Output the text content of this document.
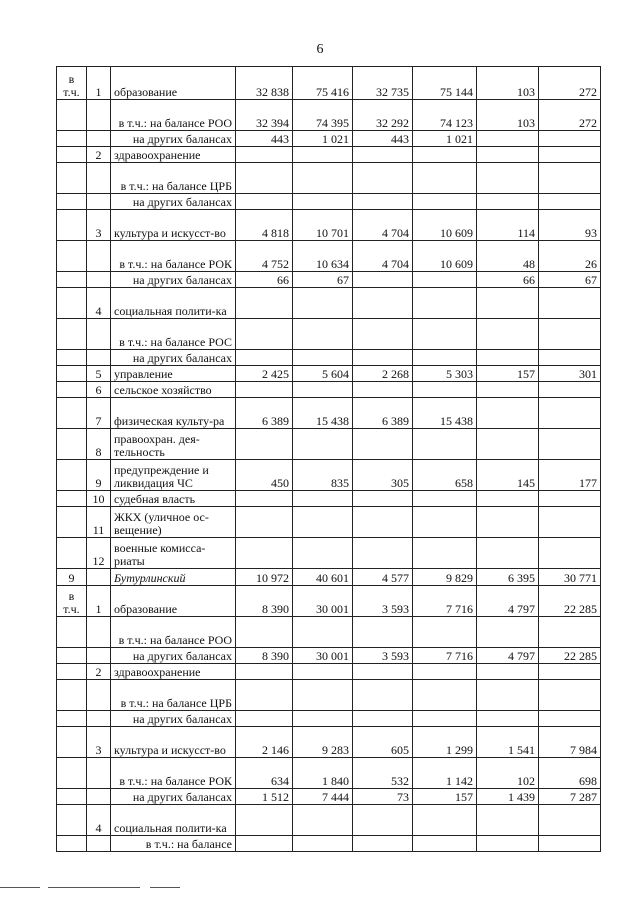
6
в т.ч.	1	образование	32 838	75 416	32 735	75 144	103	272
		в т.ч.: на балансе РОО	32 394	74 395	32 292	74 123	103	272
		на других балансах	443	1 021	443	1 021		
	2	здравоохранение						
		в т.ч.: на балансе ЦРБ						
		на других балансах						
	3	культура и искусст-во	4 818	10 701	4 704	10 609	114	93
		в т.ч.: на балансе РОК	4 752	10 634	4 704	10 609	48	26
		на других балансах	66	67			66	67
	4	социальная полити-ка						
		в т.ч.: на балансе РОС						
		на других балансах						
	5	управление	2 425	5 604	2 268	5 303	157	301
	6	сельское хозяйство						
	7	физическая культу-ра	6 389	15 438	6 389	15 438		
	8	правоохран. дея-тельность						
	9	предупреждение и ликвидация ЧС	450	835	305	658	145	177
	10	судебная власть						
	11	ЖКХ (уличное ос-вещение)						
	12	военные комисса-риаты						
9		Бутурлинский	10 972	40 601	4 577	9 829	6 395	30 771
в т.ч.	1	образование	8 390	30 001	3 593	7 716	4 797	22 285
		в т.ч.: на балансе РОО						
		на других балансах	8 390	30 001	3 593	7 716	4 797	22 285
	2	здравоохранение						
		в т.ч.: на балансе ЦРБ						
		на других балансах						
	3	культура и искусст-во	2 146	9 283	605	1 299	1 541	7 984
		в т.ч.: на балансе РОК	634	1 840	532	1 142	102	698
		на других балансах	1 512	7 444	73	157	1 439	7 287
	4	социальная полити-ка						
		в т.ч.: на балансе						
